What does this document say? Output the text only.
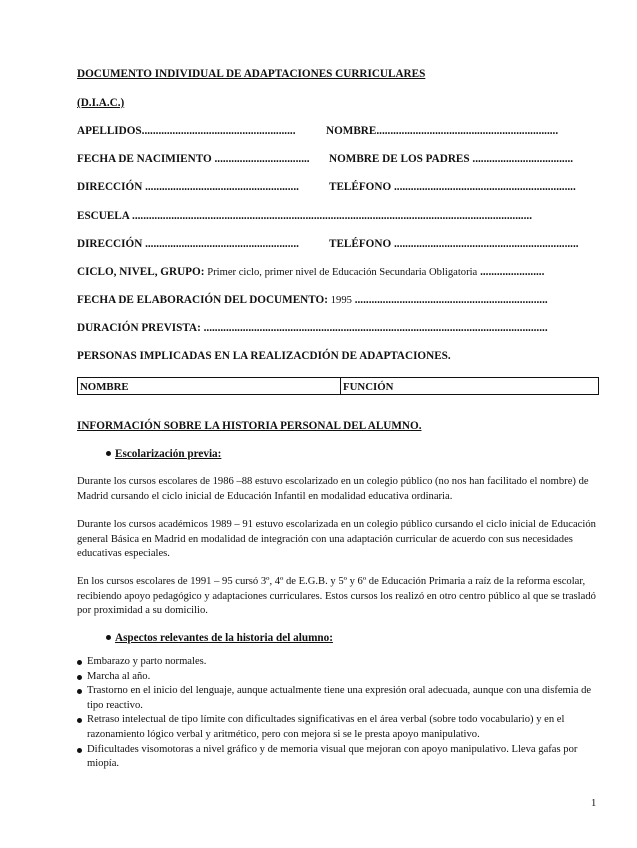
DOCUMENTO INDIVIDUAL DE ADAPTACIONES CURRICULARES
(D.I.A.C.)
APELLIDOS.......................................................	NOMBRE.................................................................
FECHA DE NACIMIENTO .................................. NOMBRE DE LOS PADRES ....................................
DIRECCIÓN .......................................................	TELÉFONO .................................................................
ESCUELA ...............................................................................................................................................
DIRECCIÓN .......................................................	TELÉFONO ..................................................................
CICLO, NIVEL, GRUPO: Primer ciclo, primer nivel de Educación Secundaria Obligatoria .......................
FECHA DE ELABORACIÓN DEL DOCUMENTO: 1995 .....................................................................
DURACIÓN PREVISTA: ...........................................................................................................................
PERSONAS IMPLICADAS EN LA REALIZACDIÓN DE ADAPTACIONES.
NOMBRE	FUNCIÓN
INFORMACIÓN SOBRE LA HISTORIA PERSONAL DEL ALUMNO.
Escolarización previa:
Durante los cursos escolares de 1986 –88 estuvo escolarizado en un colegio público (no nos han facilitado el nombre) de Madrid cursando el ciclo inicial de Educación Infantil en modalidad educativa ordinaria.
Durante los cursos académicos 1989 – 91 estuvo escolarizada en un colegio público cursando el ciclo inicial de Educación general Básica en Madrid en modalidad de integración con una adaptación curricular de acuerdo con sus necesidades educativas especiales.
En los cursos escolares de 1991 – 95 cursó 3º, 4º de E.G.B. y 5º y 6º de Educación Primaria a raíz de la reforma escolar, recibiendo apoyo pedagógico y adaptaciones curriculares. Estos cursos los realizó en otro centro público al que se trasladó por proximidad a su domicilio.
Aspectos relevantes de la historia del alumno:
Embarazo y parto normales.
Marcha al año.
Trastorno en el inicio del lenguaje, aunque actualmente tiene una expresión oral adecuada, aunque con una disfemia de tipo reactivo.
Retraso intelectual de tipo límite con dificultades significativas en el área verbal (sobre todo vocabulario) y en el razonamiento lógico verbal y aritmético, pero con mejora si se le presta apoyo manipulativo.
Dificultades visomotoras a nivel gráfico y de memoria visual que mejoran con apoyo manipulativo. Lleva gafas por miopía.
1
